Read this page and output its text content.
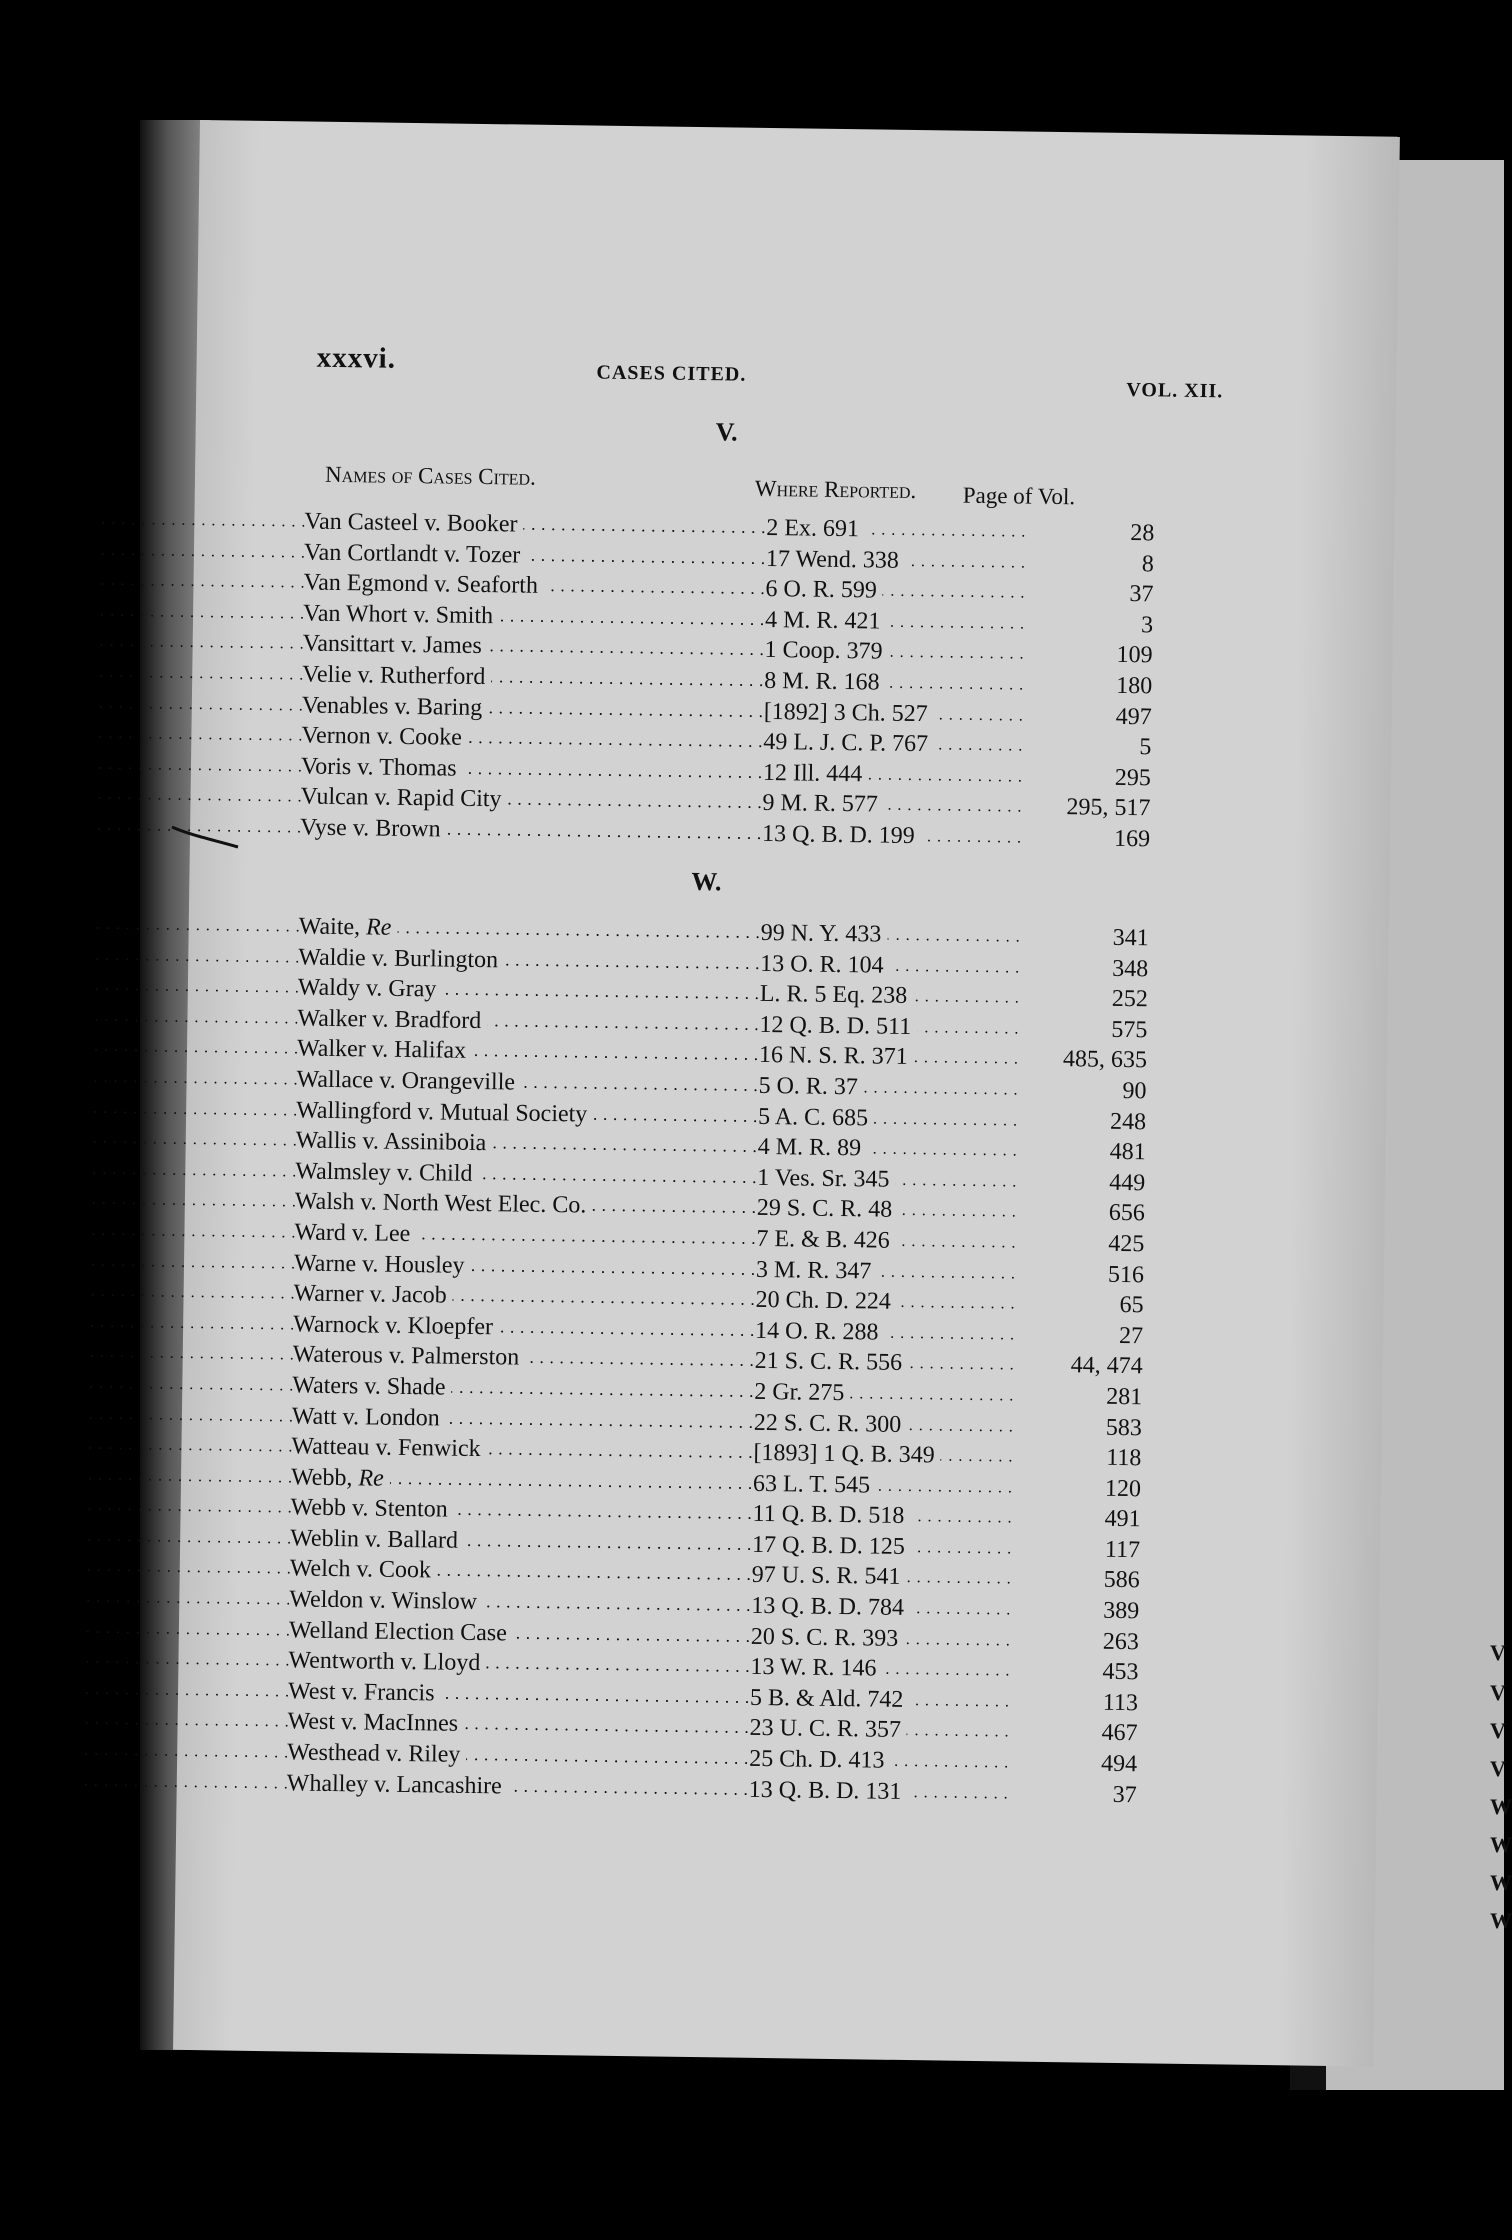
V
V
V
V
W
W
W
W
xxxvi.	CASES CITED.
VOL. XII.
V.
Names of Cases Cited.	Where Reported. Page of Vol.
. . .
Van Casteel v. Booker . . .	2 Ex. 691	28
. . .
Van Cortlandt v. Tozer . . .	17 Wend. 338	8
. . .
Van Egmond v. Seaforth . . .	6 O. R. 599	37
. . .
Van Whort v. Smith . . .	4 M. R. 421	3
. . .
Vansittart v. James . . .	1 Coop. 379	109
. . .
Velie v. Rutherford . . .	8 M. R. 168	180
. . .
Venables v. Baring . . .	[1892] 3 Ch. 527	497
. . .
Vernon v. Cooke . . .	49 L. J. C. P. 767	5
. . .
Voris v. Thomas . . .	12 Ill. 444	295
. . .
Vulcan v. Rapid City . . .	9 M. R. 577	295, 517
. . .
Vyse v. Brown . . .	13 Q. B. D. 199	169
W.
. . .
Waite, Re . . .	99 N. Y. 433	341
. . .
Waldie v. Burlington . . .	13 O. R. 104	348
. . .
Waldy v. Gray . . .	L. R. 5 Eq. 238	252
. . .
Walker v. Bradford . . .	12 Q. B. D. 511	575
. . .
Walker v. Halifax . . .	16 N. S. R. 371	485, 635
. . .
Wallace v. Orangeville . . .	5 O. R. 37	90
. . .
Wallingford v. Mutual Society . . .	5 A. C. 685	248
. . .
Wallis v. Assiniboia . . .	4 M. R. 89	481
. . .
Walmsley v. Child . . .	1 Ves. Sr. 345	449
. . .
Walsh v. North West Elec. Co. . . .	29 S. C. R. 48	656
. . .
Ward v. Lee . . .	7 E. & B. 426	425
. . .
Warne v. Housley . . .	3 M. R. 347	516
. . .
Warner v. Jacob . . .	20 Ch. D. 224	65
. . .
Warnock v. Kloepfer . . .	14 O. R. 288	27
. . .
Waterous v. Palmerston . . .	21 S. C. R. 556	44, 474
. . .
Waters v. Shade . . .	2 Gr. 275	281
. . .
Watt v. London . . .	22 S. C. R. 300	583
. . .
Watteau v. Fenwick . . .	[1893] 1 Q. B. 349	118
. . .
Webb, Re . . .	63 L. T. 545	120
. . .
Webb v. Stenton . . .	11 Q. B. D. 518	491
. . .
Weblin v. Ballard . . .	17 Q. B. D. 125	117
. . .
Welch v. Cook . . .	97 U. S. R. 541	586
. . .
Weldon v. Winslow . . .	13 Q. B. D. 784	389
. . .
Welland Election Case . . .	20 S. C. R. 393	263
. . .
Wentworth v. Lloyd . . .	13 W. R. 146	453
. . .
West v. Francis . . .	5 B. & Ald. 742	113
. . .
West v. MacInnes . . .	23 U. C. R. 357	467
. . .
Westhead v. Riley . . .	25 Ch. D. 413	494
. . .
Whalley v. Lancashire . . .	13 Q. B. D. 131	37
